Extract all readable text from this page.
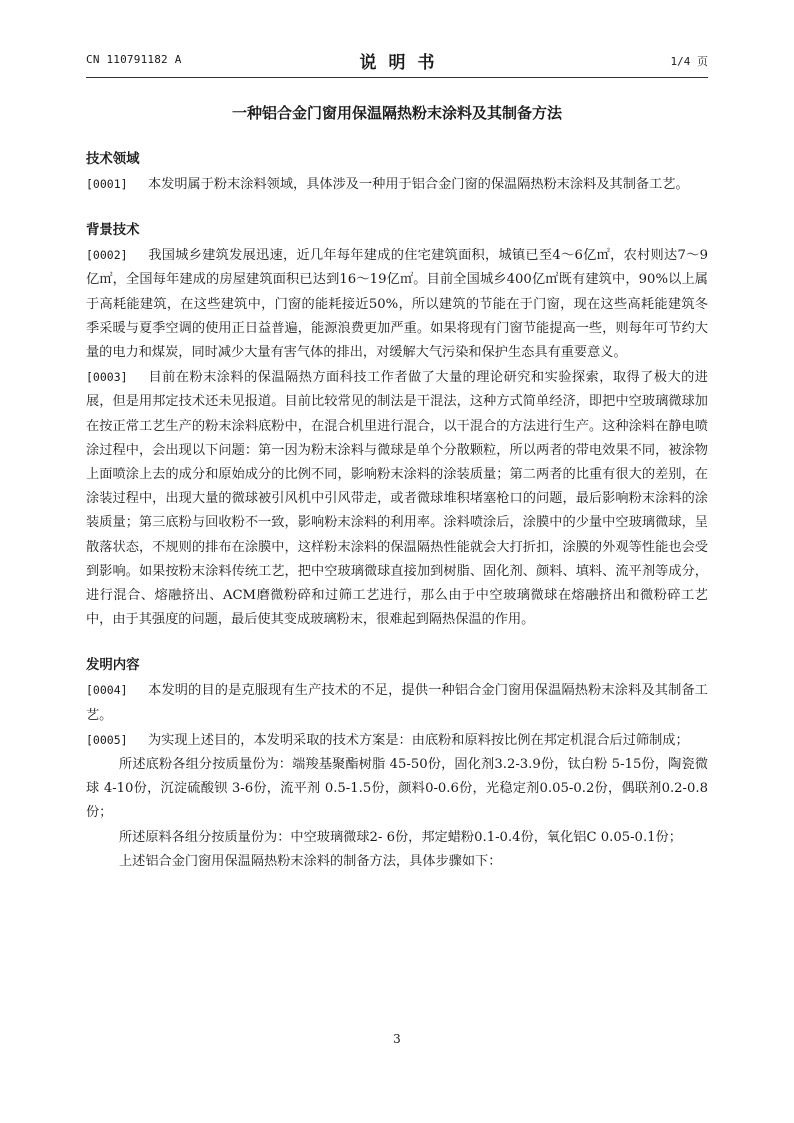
CN 110791182 A	说明书	1/4 页
一种铝合金门窗用保温隔热粉末涂料及其制备方法
技术领域
[0001] 本发明属于粉末涂料领域，具体涉及一种用于铝合金门窗的保温隔热粉末涂料及其制备工艺。
背景技术
[0002] 我国城乡建筑发展迅速，近几年每年建成的住宅建筑面积，城镇已至4～6亿㎡，农村则达7～9亿㎡，全国每年建成的房屋建筑面积已达到16～19亿㎡。目前全国城乡400亿㎡既有建筑中，90%以上属于高耗能建筑，在这些建筑中，门窗的能耗接近50%，所以建筑的节能在于门窗，现在这些高耗能建筑冬季采暖与夏季空调的使用正日益普遍，能源浪费更加严重。如果将现有门窗节能提高一些，则每年可节约大量的电力和煤炭，同时减少大量有害气体的排出，对缓解大气污染和保护生态具有重要意义。
[0003] 目前在粉末涂料的保温隔热方面科技工作者做了大量的理论研究和实验探索，取得了极大的进展，但是用邦定技术还未见报道。目前比较常见的制法是干混法，这种方式简单经济，即把中空玻璃微球加在按正常工艺生产的粉末涂料底粉中，在混合机里进行混合，以干混合的方法进行生产。这种涂料在静电喷涂过程中，会出现以下问题：第一因为粉末涂料与微球是单个分散颗粒，所以两者的带电效果不同，被涂物上面喷涂上去的成分和原始成分的比例不同，影响粉末涂料的涂装质量；第二两者的比重有很大的差别，在涂装过程中，出现大量的微球被引风机中引风带走，或者微球堆积堵塞枪口的问题，最后影响粉末涂料的涂装质量；第三底粉与回收粉不一致，影响粉末涂料的利用率。涂料喷涂后，涂膜中的少量中空玻璃微球，呈散落状态，不规则的排布在涂膜中，这样粉末涂料的保温隔热性能就会大打折扣，涂膜的外观等性能也会受到影响。如果按粉末涂料传统工艺，把中空玻璃微球直接加到树脂、固化剂、颜料、填料、流平剂等成分，进行混合、熔融挤出、ACM磨微粉碎和过筛工艺进行，那么由于中空玻璃微球在熔融挤出和微粉碎工艺中，由于其强度的问题，最后使其变成玻璃粉末，很难起到隔热保温的作用。
发明内容
[0004] 本发明的目的是克服现有生产技术的不足，提供一种铝合金门窗用保温隔热粉末涂料及其制备工艺。
[0005] 为实现上述目的，本发明采取的技术方案是：由底粉和原料按比例在邦定机混合后过筛制成；
所述底粉各组分按质量份为：端羧基聚酯树脂 45-50份，固化剂3.2-3.9份，钛白粉 5-15份，陶瓷微球 4-10份，沉淀硫酸钡 3-6份，流平剂 0.5-1.5份，颜料0-0.6份，光稳定剂0.05-0.2份，偶联剂0.2-0.8份；
所述原料各组分按质量份为：中空玻璃微球2- 6份，邦定蜡粉0.1-0.4份，氧化铝C 0.05-0.1份；
上述铝合金门窗用保温隔热粉末涂料的制备方法，具体步骤如下：
3
